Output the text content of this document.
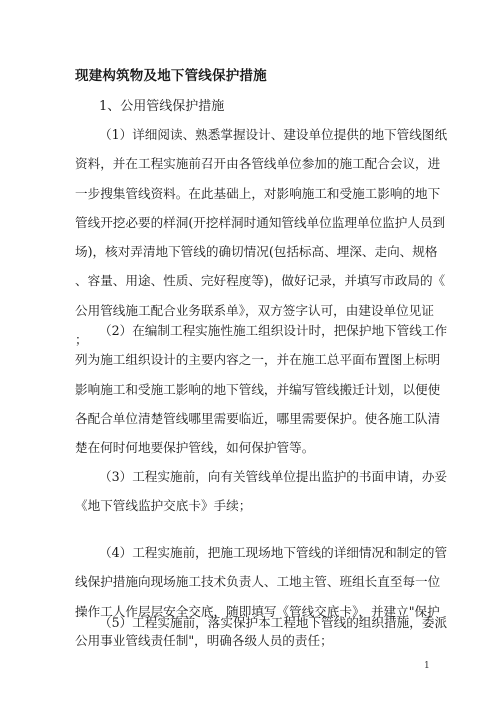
现建构筑物及地下管线保护措施
1、公用管线保护措施
（1）详细阅读、熟悉掌握设计、建设单位提供的地下管线图纸
资料，并在工程实施前召开由各管线单位参加的施工配合会议，进
一步搜集管线资料。在此基础上，对影响施工和受施工影响的地下
管线开挖必要的样洞(开挖样洞时通知管线单位监理单位监护人员到
场)，核对弄清地下管线的确切情况(包括标高、埋深、走向、规格
、容量、用途、性质、完好程度等)，做好记录，并填写市政局的《
公用管线施工配合业务联系单》，双方签字认可，由建设单位见证
；
（2）在编制工程实施性施工组织设计时，把保护地下管线工作
列为施工组织设计的主要内容之一，并在施工总平面布置图上标明
影响施工和受施工影响的地下管线，并编写管线搬迁计划，以便使
各配合单位清楚管线哪里需要临近，哪里需要保护。使各施工队清
楚在何时何地要保护管线，如何保护管等。
（3）工程实施前，向有关管线单位提出监护的书面申请，办妥
《地下管线监护交底卡》手续；
（4）工程实施前，把施工现场地下管线的详细情况和制定的管
线保护措施向现场施工技术负责人、工地主管、班组长直至每一位
操作工人作层层安全交底，随即填写《管线交底卡》，并建立"保护
公用事业管线责任制"，明确各级人员的责任；
（5）工程实施前，落实保护本工程地下管线的组织措施，委派
1
